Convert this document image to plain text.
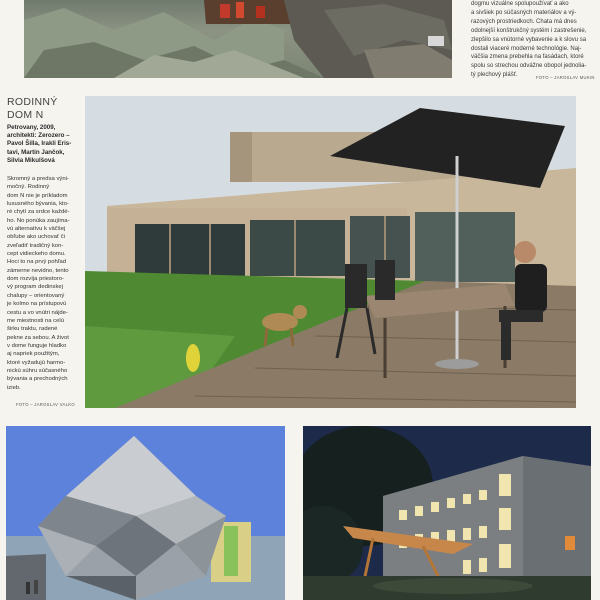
dogmu vizuálne spolupoužívať a ako

a sivšiek po súčasných materiálov a vý-

razových prostriedkoch. Chata má dnes

odolnejší konštrukčný systém i zastrešenie,

zlepšilo sa vnútorné vybavenie a k slovu sa

dostali viaceré moderné technológie. Naj-

väčšia zmena prebehla na fasádach, ktoré

spolu so strechou odvážne obopol jednolia-

tý plechový plášť.	FOTO – JAROSLAV MUKIN
RODINNÝ
DOM N
Petrovany, 2009,
architekti: Zerozero –
Pavol Šilla, Irakli Eris-
tavi, Martin Jančok,
Silvia Mikulšová

Skromný a predsa výni-

močný. Rodinný

dom N nie je príkladom

luxusného bývania, kto-

ré chytí za srdce každé-

ho. No ponúka zaujíma-

vú alternatívu k väčšej

obľube ako uchovať či

zveľadiť tradičný kon-

cept vidieckeho domu.

Hoci to na prvý pohľad

zámerne nevidno, tento

dom rozvíja priestoro-

vý program dedinskej

chalupy – orientovaný

je kolmo na prístupovú

cestu a vo vnútri nájde-

me miestnosti na celú

širku traktu, radené

pekne za sebou. A život

v dome funguje hladko

aj napriek použitým,

ktoré vyžadujú harmo-

nickú súhru súčasného

bývania a prechodných

izieb.

FOTO – JAROSLAV VALKO
